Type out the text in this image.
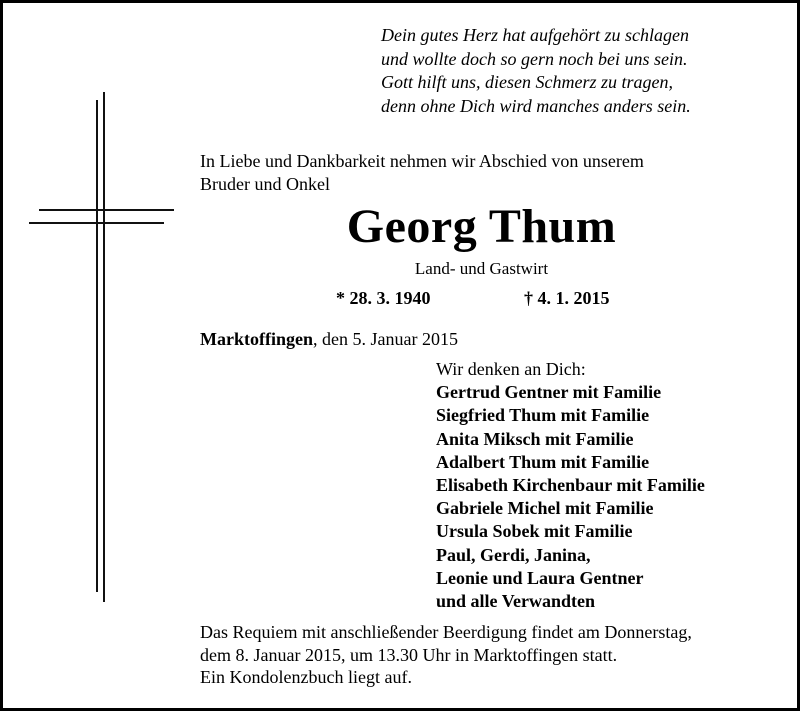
Dein gutes Herz hat aufgehört zu schlagen
und wollte doch so gern noch bei uns sein.
Gott hilft uns, diesen Schmerz zu tragen,
denn ohne Dich wird manches anders sein.
In Liebe und Dankbarkeit nehmen wir Abschied von unserem
Bruder und Onkel
Georg Thum
Land- und Gastwirt
* 28. 3. 1940	† 4. 1. 2015
Marktoffingen, den 5. Januar 2015
Wir denken an Dich:
Gertrud Gentner mit Familie
Siegfried Thum mit Familie
Anita Miksch mit Familie
Adalbert Thum mit Familie
Elisabeth Kirchenbaur mit Familie
Gabriele Michel mit Familie
Ursula Sobek mit Familie
Paul, Gerdi, Janina,
Leonie und Laura Gentner
und alle Verwandten
Das Requiem mit anschließender Beerdigung findet am Donnerstag,
dem 8. Januar 2015, um 13.30 Uhr in Marktoffingen statt.
Ein Kondolenzbuch liegt auf.
